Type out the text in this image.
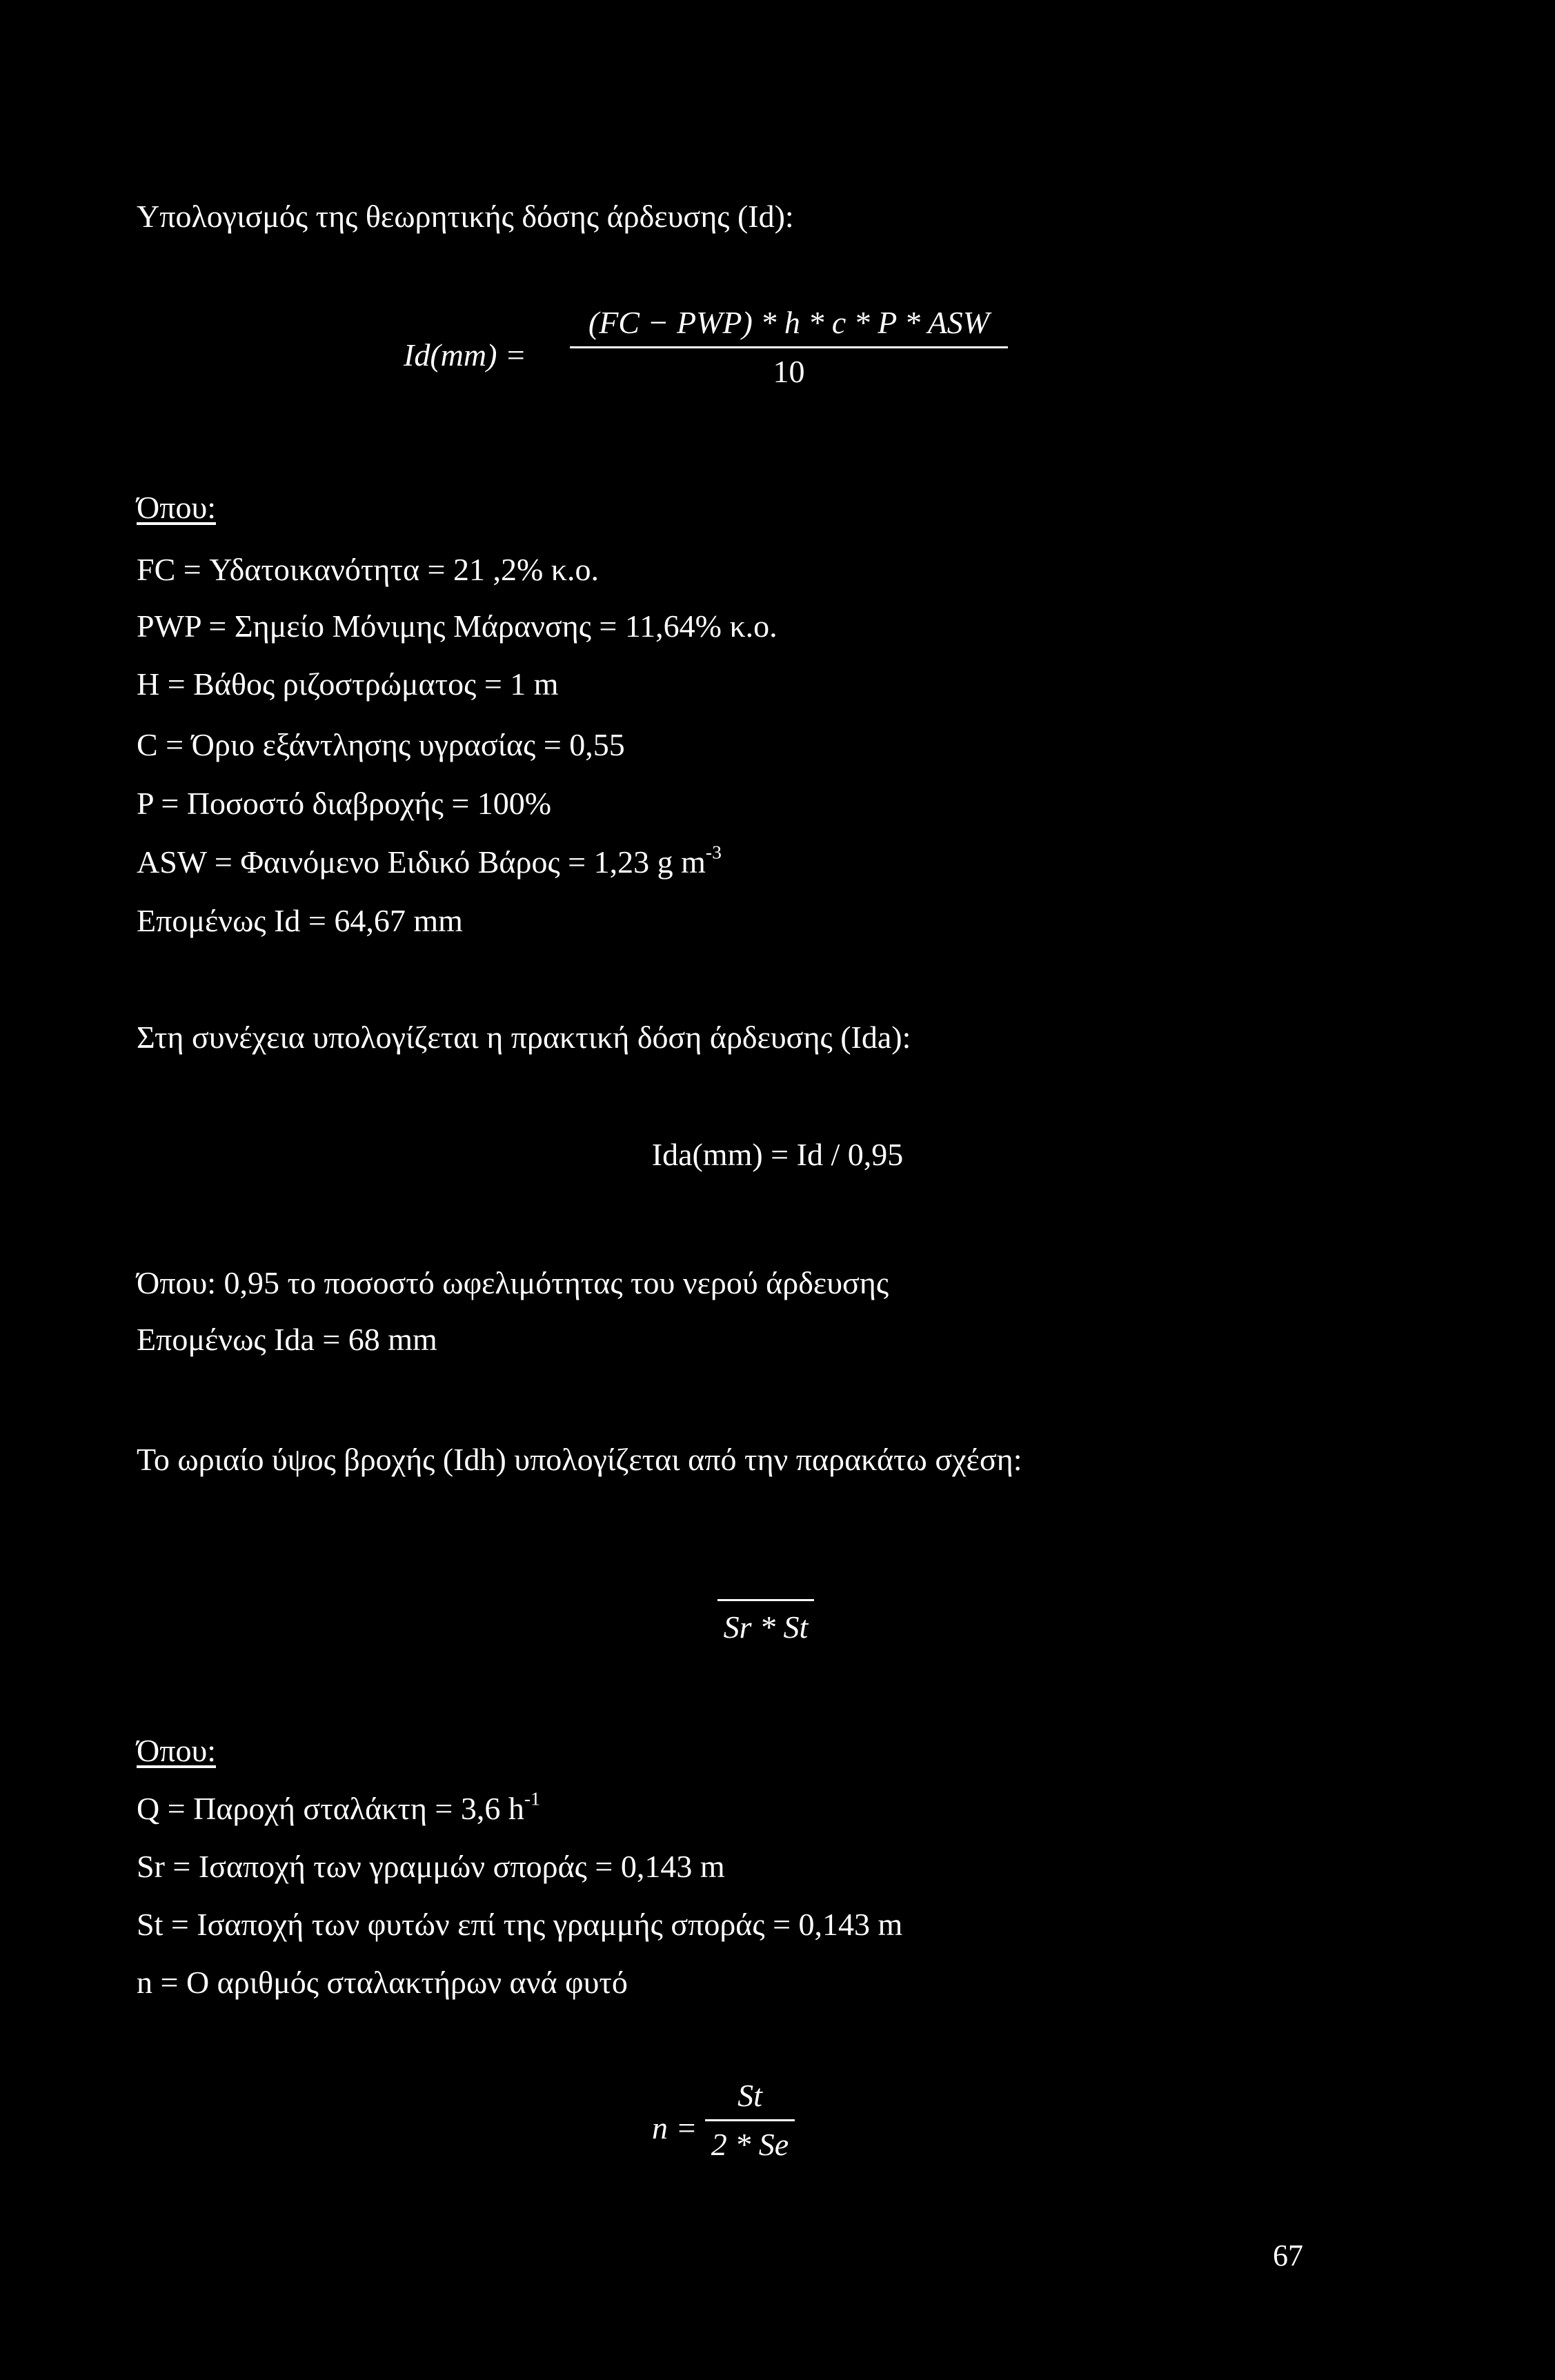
Υπολογισμός της θεωρητικής δόσης άρδευσης (Id):
Id(mm) =
(FC − PWP) * h * c * P * ASW
10
Όπου:
FC = Υδατοικανότητα = 21 ,2% κ.ο.
PWP = Σημείο Μόνιμης Μάρανσης = 11,64% κ.ο.
H = Βάθος ριζοστρώματος = 1 m
C = Όριο εξάντλησης υγρασίας = 0,55
P = Ποσοστό διαβροχής = 100%
ASW = Φαινόμενο Ειδικό Βάρος = 1,23 g $m^{-3}$
Επομένως Id = 64,67 mm
Στη συνέχεια υπολογίζεται η πρακτική δόση άρδευσης (Ida):
Ida(mm) = Id / 0,95
Όπου: 0,95 το ποσοστό ωφελιμότητας του νερού άρδευσης
Επομένως Ida = 68 mm
Το ωριαίο ύψος βροχής (Idh) υπολογίζεται από την παρακάτω σχέση:
Sr * St
Όπου:
Q = Παροχή σταλάκτη = 3,6 $h^{-1}$
Sr = Ισαποχή των γραμμών σποράς = 0,143 m
St = Ισαποχή των φυτών επί της γραμμής σποράς = 0,143 m
n = Ο αριθμός σταλακτήρων ανά φυτό
n =
St
2 * Se
67
